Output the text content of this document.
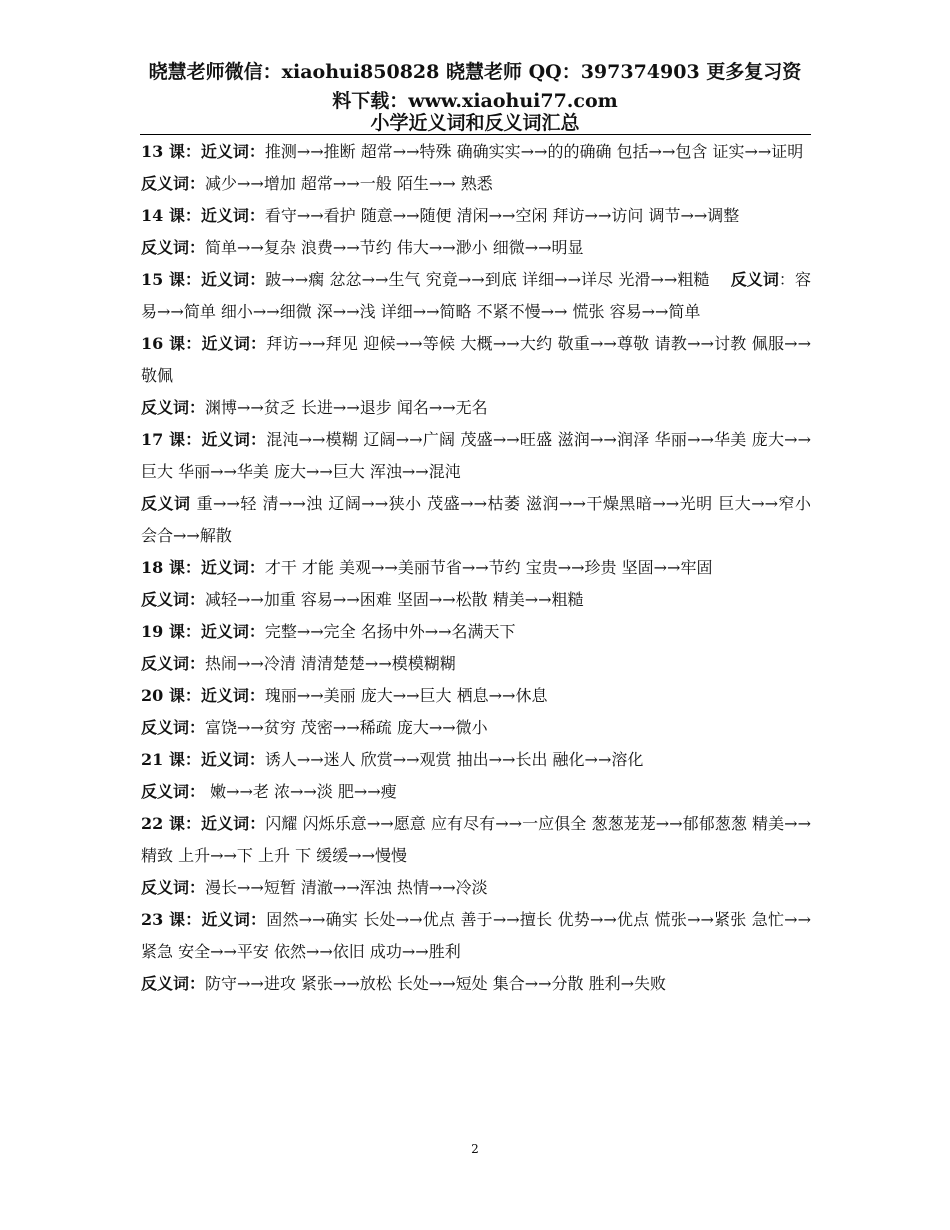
晓慧老师微信：xiaohui850828 晓慧老师 QQ：397374903 更多复习资
料下载：www.xiaohui77.com
小学近义词和反义词汇总

13 课：近义词：推测→→推断 超常→→特殊 确确实实→→的的确确 包括→→包含 证实→→证明

反义词：减少→→增加 超常→→一般 陌生→→ 熟悉

14 课：近义词：看守→→看护 随意→→随便 清闲→→空闲 拜访→→访问 调节→→调整

反义词：简单→→复杂 浪费→→节约 伟大→→渺小 细微→→明显

15 课：近义词：跛→→瘸 忿忿→→生气 究竟→→到底 详细→→详尽 光滑→→粗糙　 反义词：容易→→简单 细小→→细微 深→→浅 详细→→简略 不紧不慢→→ 慌张 容易→→简单

16 课：近义词：拜访→→拜见 迎候→→等候 大概→→大约 敬重→→尊敬 请教→→讨教 佩服→→敬佩

反义词：渊博→→贫乏 长进→→退步 闻名→→无名

17 课：近义词：混沌→→模糊 辽阔→→广阔 茂盛→→旺盛 滋润→→润泽 华丽→→华美 庞大→→巨大 华丽→→华美 庞大→→巨大 浑浊→→混沌

反义词 重→→轻 清→→浊 辽阔→→狭小 茂盛→→枯萎 滋润→→干燥黑暗→→光明 巨大→→窄小 会合→→解散

18 课：近义词：才干 才能 美观→→美丽节省→→节约 宝贵→→珍贵 坚固→→牢固

反义词：减轻→→加重 容易→→困难 坚固→→松散 精美→→粗糙

19 课：近义词：完整→→完全 名扬中外→→名满天下

反义词：热闹→→冷清 清清楚楚→→模模糊糊

20 课：近义词：瑰丽→→美丽 庞大→→巨大 栖息→→休息

反义词：富饶→→贫穷 茂密→→稀疏 庞大→→微小

21 课：近义词：诱人→→迷人 欣赏→→观赏 抽出→→长出 融化→→溶化

反义词： 嫩→→老 浓→→淡 肥→→瘦

22 课：近义词：闪耀 闪烁乐意→→愿意 应有尽有→→一应俱全 葱葱茏茏→→郁郁葱葱 精美→→精致 上升→→下 上升 下 缓缓→→慢慢

反义词：漫长→→短暂 清澈→→浑浊 热情→→冷淡

23 课：近义词：固然→→确实 长处→→优点 善于→→擅长 优势→→优点 慌张→→紧张 急忙→→紧急 安全→→平安 依然→→依旧 成功→→胜利

反义词：防守→→进攻 紧张→→放松 长处→→短处 集合→→分散 胜利→失败

2
